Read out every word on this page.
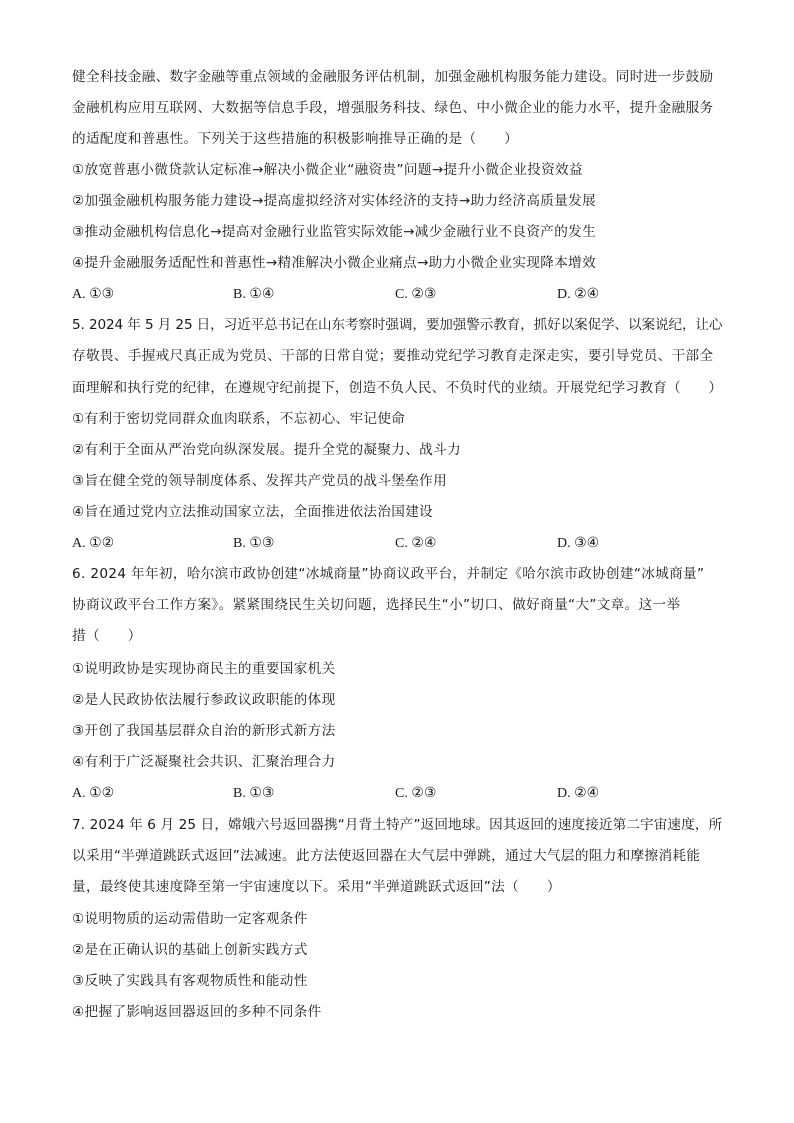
健全科技金融、数字金融等重点领域的金融服务评估机制，加强金融机构服务能力建设。同时进一步鼓励
金融机构应用互联网、大数据等信息手段，增强服务科技、绿色、中小微企业的能力水平，提升金融服务
的适配度和普惠性。下列关于这些措施的积极影响推导正确的是（　　）
①放宽普惠小微贷款认定标准→解决小微企业“融资贵”问题→提升小微企业投资效益
②加强金融机构服务能力建设→提高虚拟经济对实体经济的支持→助力经济高质量发展
③推动金融机构信息化→提高对金融行业监管实际效能→减少金融行业不良资产的发生
④提升金融服务适配性和普惠性→精准解决小微企业痛点→助力小微企业实现降本增效
A. ①③	B. ①④	C. ②③	D. ②④
5. 2024 年 5 月 25 日，习近平总书记在山东考察时强调，要加强警示教育，抓好以案促学、以案说纪，让心
存敬畏、手握戒尺真正成为党员、干部的日常自觉；要推动党纪学习教育走深走实，要引导党员、干部全
面理解和执行党的纪律，在遵规守纪前提下，创造不负人民、不负时代的业绩。开展党纪学习教育（　　）
①有利于密切党同群众血肉联系，不忘初心、牢记使命
②有利于全面从严治党向纵深发展。提升全党的凝聚力、战斗力
③旨在健全党的领导制度体系、发挥共产党员的战斗堡垒作用
④旨在通过党内立法推动国家立法，全面推进依法治国建设
A. ①②	B. ①③	C. ②④	D. ③④
6. 2024 年年初，哈尔滨市政协创建“冰城商量”协商议政平台，并制定《哈尔滨市政协创建“冰城商量”
协商议政平台工作方案》。紧紧围绕民生关切问题，选择民生“小”切口、做好商量“大”文章。这一举
措（　　）
①说明政协是实现协商民主的重要国家机关
②是人民政协依法履行参政议政职能的体现
③开创了我国基层群众自治的新形式新方法
④有利于广泛凝聚社会共识、汇聚治理合力
A. ①②	B. ①③	C. ②③	D. ②④
7. 2024 年 6 月 25 日，嫦娥六号返回器携“月背土特产”返回地球。因其返回的速度接近第二宇宙速度，所
以采用“半弹道跳跃式返回”法减速。此方法使返回器在大气层中弹跳，通过大气层的阻力和摩擦消耗能
量，最终使其速度降至第一宇宙速度以下。采用“半弹道跳跃式返回”法（　　）
①说明物质的运动需借助一定客观条件
②是在正确认识的基础上创新实践方式
③反映了实践具有客观物质性和能动性
④把握了影响返回器返回的多种不同条件
